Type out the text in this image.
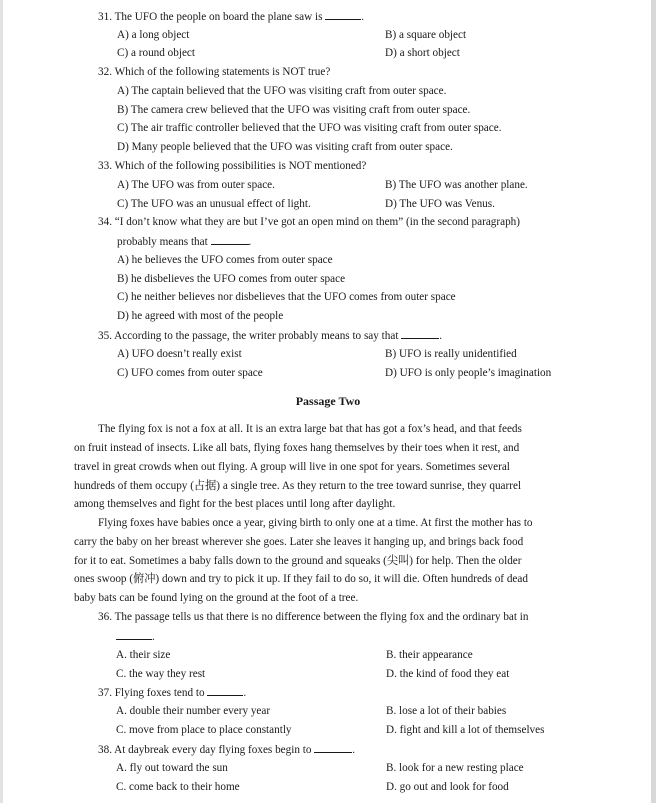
31. The UFO the people on board the plane saw is	.
A) a long object	B) a square object
C) a round object	D) a short object
32. Which of the following statements is NOT true?
A) The captain believed that the UFO was visiting craft from outer space.
B) The camera crew believed that the UFO was visiting craft from outer space.
C) The air traffic controller believed that the UFO was visiting craft from outer space.
D) Many people believed that the UFO was visiting craft from outer space.
33. Which of the following possibilities is NOT mentioned?
A) The UFO was from outer space.	B) The UFO was another plane.
C) The UFO was an unusual effect of light.	D) The UFO was Venus.
34. “I don’t know what they are but I’ve got an open mind on them” (in the second paragraph)
probably means that	.
A) he believes the UFO comes from outer space
B) he disbelieves the UFO comes from outer space
C) he neither believes nor disbelieves that the UFO comes from outer space
D) he agreed with most of the people
35. According to the passage, the writer probably means to say that	.
A) UFO doesn’t really exist	B) UFO is really unidentified
C) UFO comes from outer space	D) UFO is only people’s imagination
Passage Two
The flying fox is not a fox at all. It is an extra large bat that has got a fox’s head, and that feeds
on fruit instead of insects. Like all bats, flying foxes hang themselves by their toes when it rest, and
travel in great crowds when out flying. A group will live in one spot for years. Sometimes several
hundreds of them occupy (占据) a single tree. As they return to the tree toward sunrise, they quarrel
among themselves and fight for the best places until long after daylight.
Flying foxes have babies once a year, giving birth to only one at a time. At first the mother has to
carry the baby on her breast wherever she goes. Later she leaves it hanging up, and brings back food
for it to eat. Sometimes a baby falls down to the ground and squeaks (尖叫) for help. Then the older
ones swoop (俯冲) down and try to pick it up. If they fail to do so, it will die. Often hundreds of dead
baby bats can be found lying on the ground at the foot of a tree.
36. The passage tells us that there is no difference between the flying fox and the ordinary bat in
.
A. their size	B. their appearance
C. the way they rest	D. the kind of food they eat
37. Flying foxes tend to	.
A. double their number every year	B. lose a lot of their babies
C. move from place to place constantly	D. fight and kill a lot of themselves
38. At daybreak every day flying foxes begin to	.
A. fly out toward the sun	B. look for a new resting place
C. come back to their home	D. go out and look for food
